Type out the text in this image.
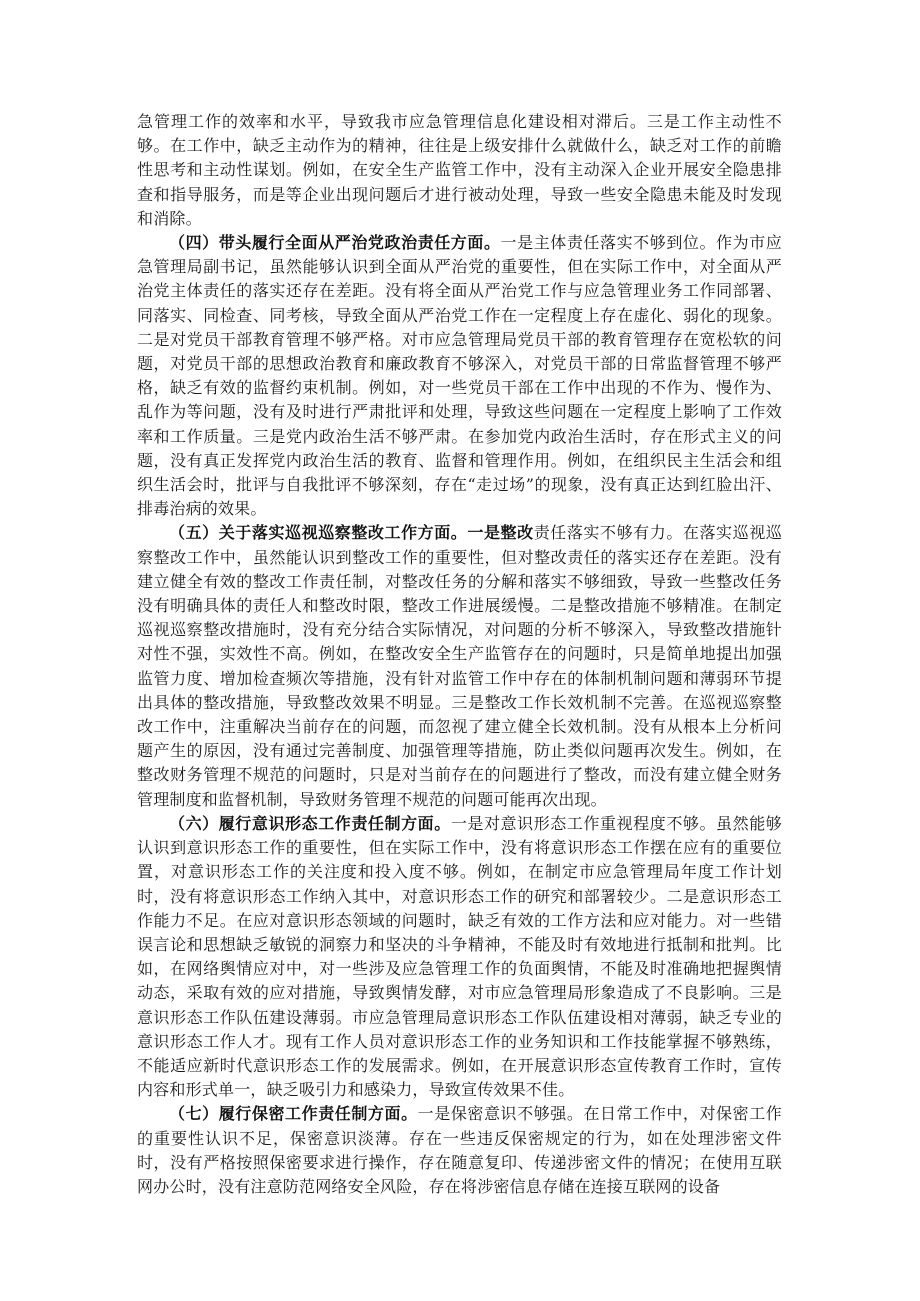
急管理工作的效率和水平，导致我市应急管理信息化建设相对滞后。三是工作主动性不够。在工作中，缺乏主动作为的精神，往往是上级安排什么就做什么，缺乏对工作的前瞻性思考和主动性谋划。例如，在安全生产监管工作中，没有主动深入企业开展安全隐患排查和指导服务，而是等企业出现问题后才进行被动处理，导致一些安全隐患未能及时发现和消除。

（四）带头履行全面从严治党政治责任方面。一是主体责任落实不够到位。作为市应急管理局副书记，虽然能够认识到全面从严治党的重要性，但在实际工作中，对全面从严治党主体责任的落实还存在差距。没有将全面从严治党工作与应急管理业务工作同部署、同落实、同检查、同考核，导致全面从严治党工作在一定程度上存在虚化、弱化的现象。二是对党员干部教育管理不够严格。对市应急管理局党员干部的教育管理存在宽松软的问题，对党员干部的思想政治教育和廉政教育不够深入，对党员干部的日常监督管理不够严格，缺乏有效的监督约束机制。例如，对一些党员干部在工作中出现的不作为、慢作为、乱作为等问题，没有及时进行严肃批评和处理，导致这些问题在一定程度上影响了工作效率和工作质量。三是党内政治生活不够严肃。在参加党内政治生活时，存在形式主义的问题，没有真正发挥党内政治生活的教育、监督和管理作用。例如，在组织民主生活会和组织生活会时，批评与自我批评不够深刻，存在“走过场”的现象，没有真正达到红脸出汗、排毒治病的效果。

（五）关于落实巡视巡察整改工作方面。一是整改责任落实不够有力。在落实巡视巡察整改工作中，虽然能认识到整改工作的重要性，但对整改责任的落实还存在差距。没有建立健全有效的整改工作责任制，对整改任务的分解和落实不够细致，导致一些整改任务没有明确具体的责任人和整改时限，整改工作进展缓慢。二是整改措施不够精准。在制定巡视巡察整改措施时，没有充分结合实际情况，对问题的分析不够深入，导致整改措施针对性不强，实效性不高。例如，在整改安全生产监管存在的问题时，只是简单地提出加强监管力度、增加检查频次等措施，没有针对监管工作中存在的体制机制问题和薄弱环节提出具体的整改措施，导致整改效果不明显。三是整改工作长效机制不完善。在巡视巡察整改工作中，注重解决当前存在的问题，而忽视了建立健全长效机制。没有从根本上分析问题产生的原因，没有通过完善制度、加强管理等措施，防止类似问题再次发生。例如，在整改财务管理不规范的问题时，只是对当前存在的问题进行了整改，而没有建立健全财务管理制度和监督机制，导致财务管理不规范的问题可能再次出现。

（六）履行意识形态工作责任制方面。一是对意识形态工作重视程度不够。虽然能够认识到意识形态工作的重要性，但在实际工作中，没有将意识形态工作摆在应有的重要位置，对意识形态工作的关注度和投入度不够。例如，在制定市应急管理局年度工作计划时，没有将意识形态工作纳入其中，对意识形态工作的研究和部署较少。二是意识形态工作能力不足。在应对意识形态领域的问题时，缺乏有效的工作方法和应对能力。对一些错误言论和思想缺乏敏锐的洞察力和坚决的斗争精神，不能及时有效地进行抵制和批判。比如，在网络舆情应对中，对一些涉及应急管理工作的负面舆情，不能及时准确地把握舆情动态，采取有效的应对措施，导致舆情发酵，对市应急管理局形象造成了不良影响。三是意识形态工作队伍建设薄弱。市应急管理局意识形态工作队伍建设相对薄弱，缺乏专业的意识形态工作人才。现有工作人员对意识形态工作的业务知识和工作技能掌握不够熟练，不能适应新时代意识形态工作的发展需求。例如，在开展意识形态宣传教育工作时，宣传内容和形式单一，缺乏吸引力和感染力，导致宣传效果不佳。

（七）履行保密工作责任制方面。一是保密意识不够强。在日常工作中，对保密工作的重要性认识不足，保密意识淡薄。存在一些违反保密规定的行为，如在处理涉密文件时，没有严格按照保密要求进行操作，存在随意复印、传递涉密文件的情况；在使用互联网办公时，没有注意防范网络安全风险，存在将涉密信息存储在连接互联网的设备
